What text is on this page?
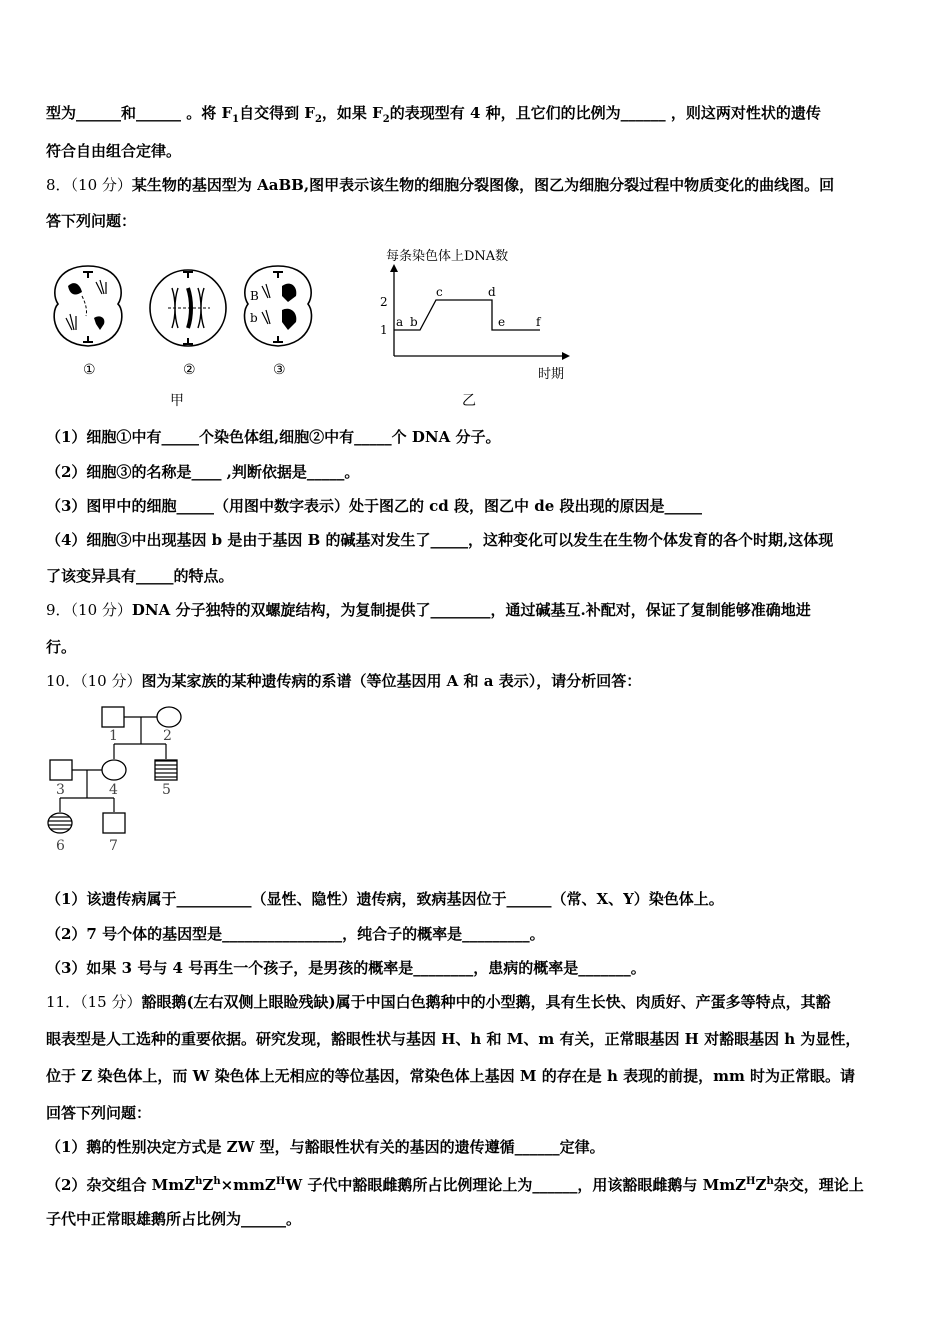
型为______和______ 。将 $F_1$自交得到 $F_2$，如果 $F_2$的表现型有 4 种，且它们的比例为______ ，则这两对性状的遗传
符合自由组合定律。
8．（10 分）某生物的基因型为 AaBB,图甲表示该生物的细胞分裂图像，图乙为细胞分裂过程中物质变化的曲线图。回
答下列问题：
B
b
①	②	③
甲
每条染色体上DNA数
2
1
a b
c	d
e	f
时期
乙
（1）细胞①中有_____个染色体组,细胞②中有_____个 DNA 分子。
（2）细胞③的名称是____ ,判断依据是_____。
（3）图甲中的细胞_____（用图中数字表示）处于图乙的 cd 段，图乙中 de 段出现的原因是_____
（4）细胞③中出现基因 b 是由于基因 B 的碱基对发生了_____，这种变化可以发生在生物个体发育的各个时期,这体现
了该变异具有_____的特点。
9．（10 分）DNA 分子独特的双螺旋结构，为复制提供了________，通过碱基互.补配对，保证了复制能够准确地进
行。
10．（10 分）图为某家族的某种遗传病的系谱（等位基因用 A 和 a 表示），请分析回答：
1	2
3	4	5
6	7
（1）该遗传病属于__________（显性、隐性）遗传病，致病基因位于______（常、X、Y）染色体上。
（2）7 号个体的基因型是________________，纯合子的概率是_________。
（3）如果 3 号与 4 号再生一个孩子，是男孩的概率是________，患病的概率是_______。
11．（15 分）豁眼鹅(左右双侧上眼睑残缺)属于中国白色鹅种中的小型鹅，具有生长快、肉质好、产蛋多等特点，其豁
眼表型是人工选种的重要依据。研究发现，豁眼性状与基因 H、h 和 M、m 有关，正常眼基因 H 对豁眼基因 h 为显性，
位于 Z 染色体上，而 W 染色体上无相应的等位基因，常染色体上基因 M 的存在是 h 表现的前提，mm 时为正常眼。请
回答下列问题：
（1）鹅的性别决定方式是 ZW 型，与豁眼性状有关的基因的遗传遵循______定律。
（2）杂交组合 $MmZ^hZ^h\times mmZ^HW$ 子代中豁眼雌鹅所占比例理论上为______，用该豁眼雌鹅与 $MmZ^HZ^h$杂交，理论上
子代中正常眼雄鹅所占比例为______。
